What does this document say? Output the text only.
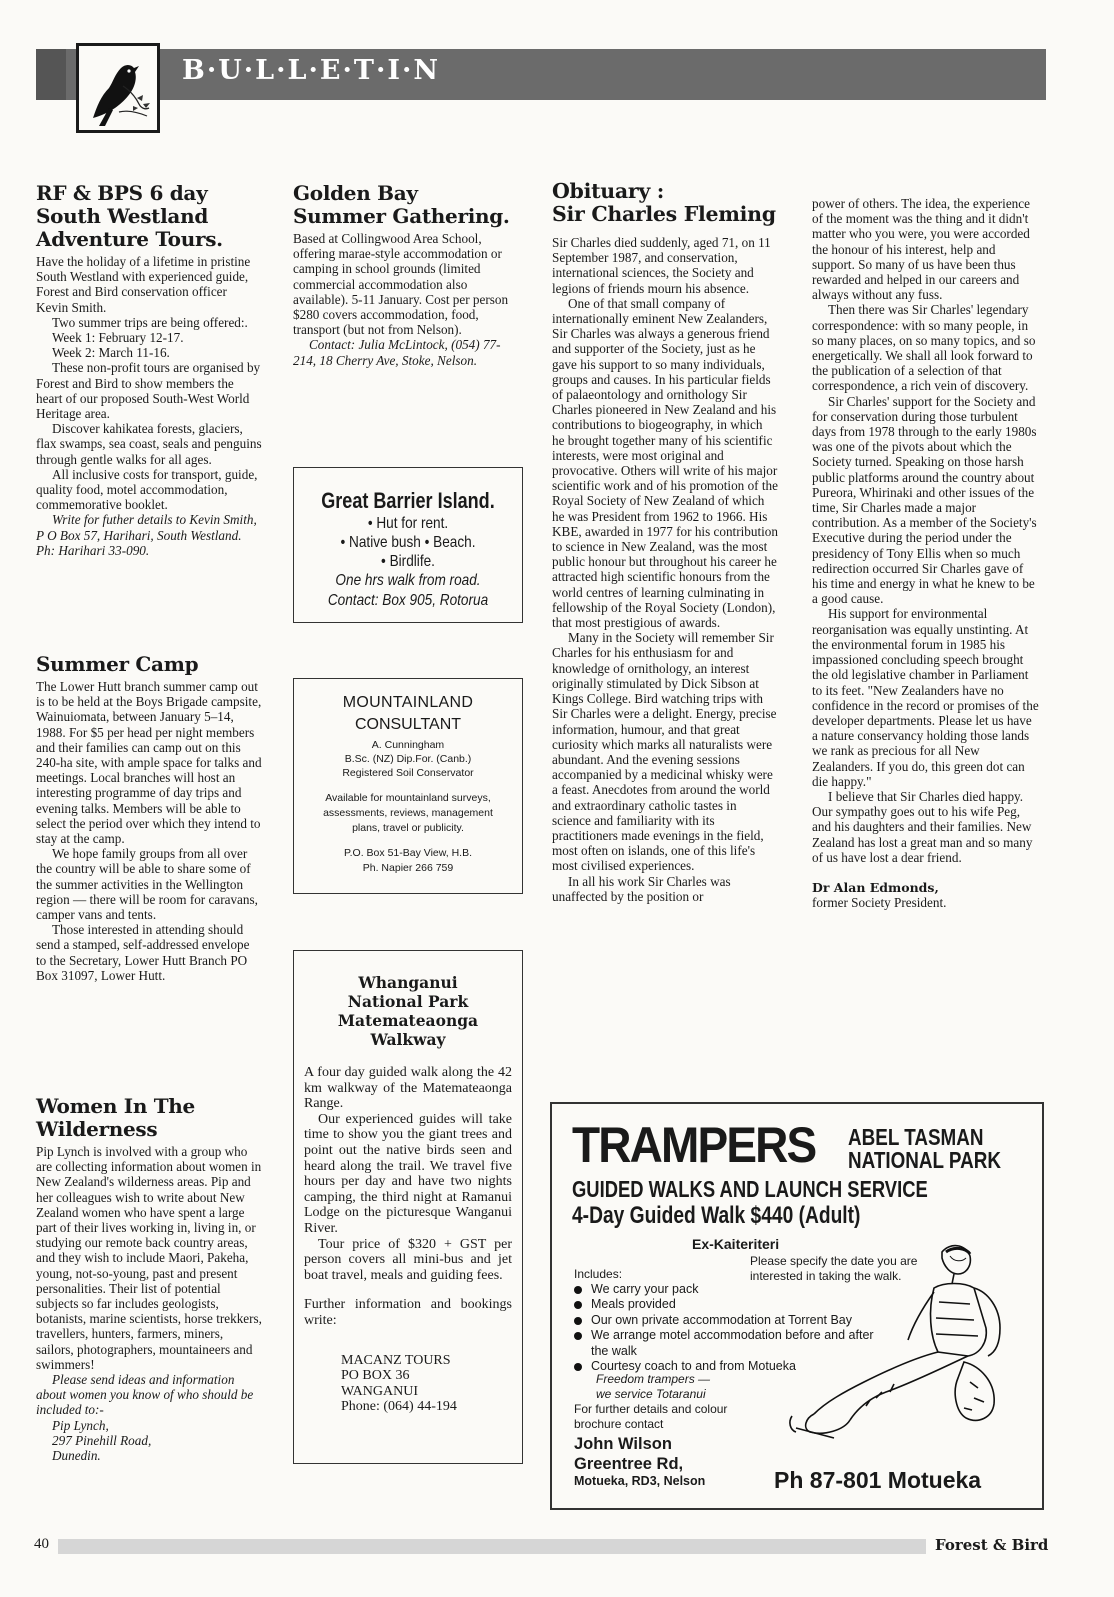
B·U·L·L·E·T·I·N
RF & BPS 6 day South Westland Adventure Tours.

Have the holiday of a lifetime in pristine South Westland with experienced guide, Forest and Bird conservation officer Kevin Smith.

Two summer trips are being offered:.

Week 1: February 12-17.

Week 2: March 11-16.

These non-profit tours are organised by Forest and Bird to show members the heart of our proposed South-West World Heritage area.

Discover kahikatea forests, glaciers, flax swamps, sea coast, seals and penguins through gentle walks for all ages.

All inclusive costs for transport, guide, quality food, motel accommodation, commemorative booklet.

Write for futher details to Kevin Smith, P O Box 57, Harihari, South Westland. Ph: Harihari 33-090.

Summer Camp

The Lower Hutt branch summer camp out is to be held at the Boys Brigade campsite, Wainuiomata, between January 5–14, 1988. For $5 per head per night members and their families can camp out on this 240-ha site, with ample space for talks and meetings. Local branches will host an interesting programme of day trips and evening talks. Members will be able to select the period over which they intend to stay at the camp.

We hope family groups from all over the country will be able to share some of the summer activities in the Wellington region — there will be room for caravans, camper vans and tents.

Those interested in attending should send a stamped, self-addressed envelope to the Secretary, Lower Hutt Branch PO Box 31097, Lower Hutt.

Women In The Wilderness

Pip Lynch is involved with a group who are collecting information about women in New Zealand's wilderness areas. Pip and her colleagues wish to write about New Zealand women who have spent a large part of their lives working in, living in, or studying our remote back country areas, and they wish to include Maori, Pakeha, young, not-so-young, past and present personalities. Their list of potential subjects so far includes geologists, botanists, marine scientists, horse trekkers, travellers, hunters, farmers, miners, sailors, photographers, mountaineers and swimmers!

Please send ideas and information about women you know of who should be included to:-

Pip Lynch,

297 Pinehill Road,

Dunedin.

Golden Bay Summer Gathering.

Based at Collingwood Area School, offering marae-style accommodation or camping in school grounds (limited commercial accommodation also available). 5-11 January. Cost per person $280 covers accommodation, food, transport (but not from Nelson).

Contact: Julia McLintock, (054) 77-214, 18 Cherry Ave, Stoke, Nelson.

Great Barrier Island.
• Hut for rent.
• Native bush • Beach.
• Birdlife.
One hrs walk from road.
Contact: Box 905, Rotorua
MOUNTAINLAND
CONSULTANT
A. Cunningham
B.Sc. (NZ) Dip.For. (Canb.)
Registered Soil Conservator
Available for mountainland surveys,
assessments, reviews, management
plans, travel or publicity.
P.O. Box 51-Bay View, H.B.
Ph. Napier 266 759
Whanganui
National Park
Matemateaonga
Walkway

A four day guided walk along the 42 km walkway of the Matemateaonga Range.

Our experienced guides will take time to show you the giant trees and point out the native birds seen and heard along the trail. We travel five hours per day and have two nights camping, the third night at Ramanui Lodge on the picturesque Wanganui River.

Tour price of $320 + GST per person covers all mini-bus and jet boat travel, meals and guiding fees.

Further information and bookings write:

MACANZ TOURS
PO BOX 36
WANGANUI
Phone: (064) 44-194
Obituary :
Sir Charles Fleming

Sir Charles died suddenly, aged 71, on 11 September 1987, and conservation, international sciences, the Society and legions of friends mourn his absence.

One of that small company of internationally eminent New Zealanders, Sir Charles was always a generous friend and supporter of the Society, just as he gave his support to so many individuals, groups and causes. In his particular fields of palaeontology and ornithology Sir Charles pioneered in New Zealand and his contributions to biogeography, in which he brought together many of his scientific interests, were most original and provocative. Others will write of his major scientific work and of his promotion of the Royal Society of New Zealand of which he was President from 1962 to 1966. His KBE, awarded in 1977 for his contribution to science in New Zealand, was the most public honour but throughout his career he attracted high scientific honours from the world centres of learning culminating in fellowship of the Royal Society (London), that most prestigious of awards.

Many in the Society will remember Sir Charles for his enthusiasm for and knowledge of ornithology, an interest originally stimulated by Dick Sibson at Kings College. Bird watching trips with Sir Charles were a delight. Energy, precise information, humour, and that great curiosity which marks all naturalists were abundant. And the evening sessions accompanied by a medicinal whisky were a feast. Anecdotes from around the world and extraordinary catholic tastes in science and familiarity with its practitioners made evenings in the field, most often on islands, one of this life's most civilised experiences.

In all his work Sir Charles was unaffected by the position or

power of others. The idea, the experience of the moment was the thing and it didn't matter who you were, you were accorded the honour of his interest, help and support. So many of us have been thus rewarded and helped in our careers and always without any fuss.

Then there was Sir Charles' legendary correspondence: with so many people, in so many places, on so many topics, and so energetically. We shall all look forward to the publication of a selection of that correspondence, a rich vein of discovery.

Sir Charles' support for the Society and for conservation during those turbulent days from 1978 through to the early 1980s was one of the pivots about which the Society turned. Speaking on those harsh public platforms around the country about Pureora, Whirinaki and other issues of the time, Sir Charles made a major contribution. As a member of the Society's Executive during the period under the presidency of Tony Ellis when so much redirection occurred Sir Charles gave of his time and energy in what he knew to be a good cause.

His support for environmental reorganisation was equally unstinting. At the environmental forum in 1985 his impassioned concluding speech brought the old legislative chamber in Parliament to its feet. "New Zealanders have no confidence in the record or promises of the developer departments. Please let us have a nature conservancy holding those lands we rank as precious for all New Zealanders. If you do, this green dot can die happy."

I believe that Sir Charles died happy. Our sympathy goes out to his wife Peg, and his daughters and their families. New Zealand has lost a great man and so many of us have lost a dear friend.

Dr Alan Edmonds,

former Society President.

TRAMPERS ABEL TASMAN
NATIONAL PARK
GUIDED WALKS AND LAUNCH SERVICE
4-Day Guided Walk $440 (Adult)
Ex-Kaiteriteri
Please specify the date you are
interested in taking the walk.
Includes:
We carry your pack
Meals provided
Our own private accommodation at Torrent Bay
We arrange motel accommodation before and after the walk
Courtesy coach to and from Motueka
Freedom trampers —
we service Totaranui
For further details and colour
brochure contact
John Wilson
Greentree Rd,
Motueka, RD3, Nelson	Ph 87-801 Motueka
40	Forest & Bird
